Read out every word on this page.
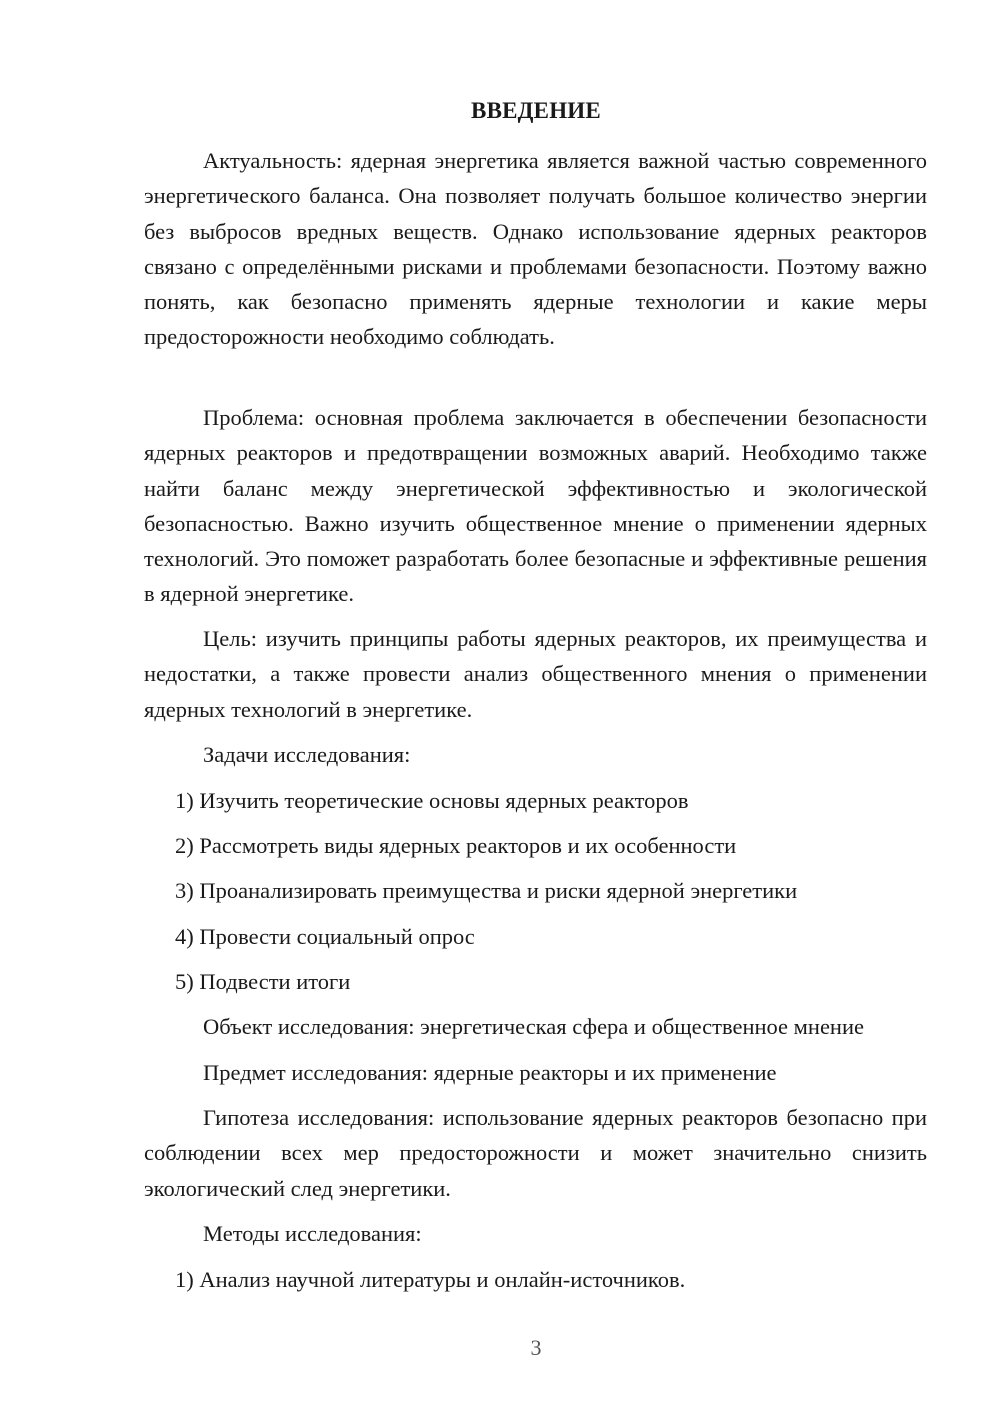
ВВЕДЕНИЕ

Актуальность: ядерная энергетика является важной частью современного энергетического баланса. Она позволяет получать большое количество энергии без выбросов вредных веществ. Однако использование ядерных реакторов связано с определёнными рисками и проблемами безопасности. Поэтому важно понять, как безопасно применять ядерные технологии и какие меры предосторожности необходимо соблюдать.

Проблема: основная проблема заключается в обеспечении безопасности ядерных реакторов и предотвращении возможных аварий. Необходимо также найти баланс между энергетической эффективностью и экологической безопасностью. Важно изучить общественное мнение о применении ядерных технологий. Это поможет разработать более безопасные и эффективные решения в ядерной энергетике.

Цель: изучить принципы работы ядерных реакторов, их преимущества и недостатки, а также провести анализ общественного мнения о применении ядерных технологий в энергетике.

Задачи исследования:

1) Изучить теоретические основы ядерных реакторов

2) Рассмотреть виды ядерных реакторов и их особенности

3) Проанализировать преимущества и риски ядерной энергетики

4) Провести социальный опрос

5) Подвести итоги

Объект исследования: энергетическая сфера и общественное мнение

Предмет исследования: ядерные реакторы и их применение

Гипотеза исследования: использование ядерных реакторов безопасно при соблюдении всех мер предосторожности и может значительно снизить экологический след энергетики.

Методы исследования:

1) Анализ научной литературы и онлайн-источников.

3
